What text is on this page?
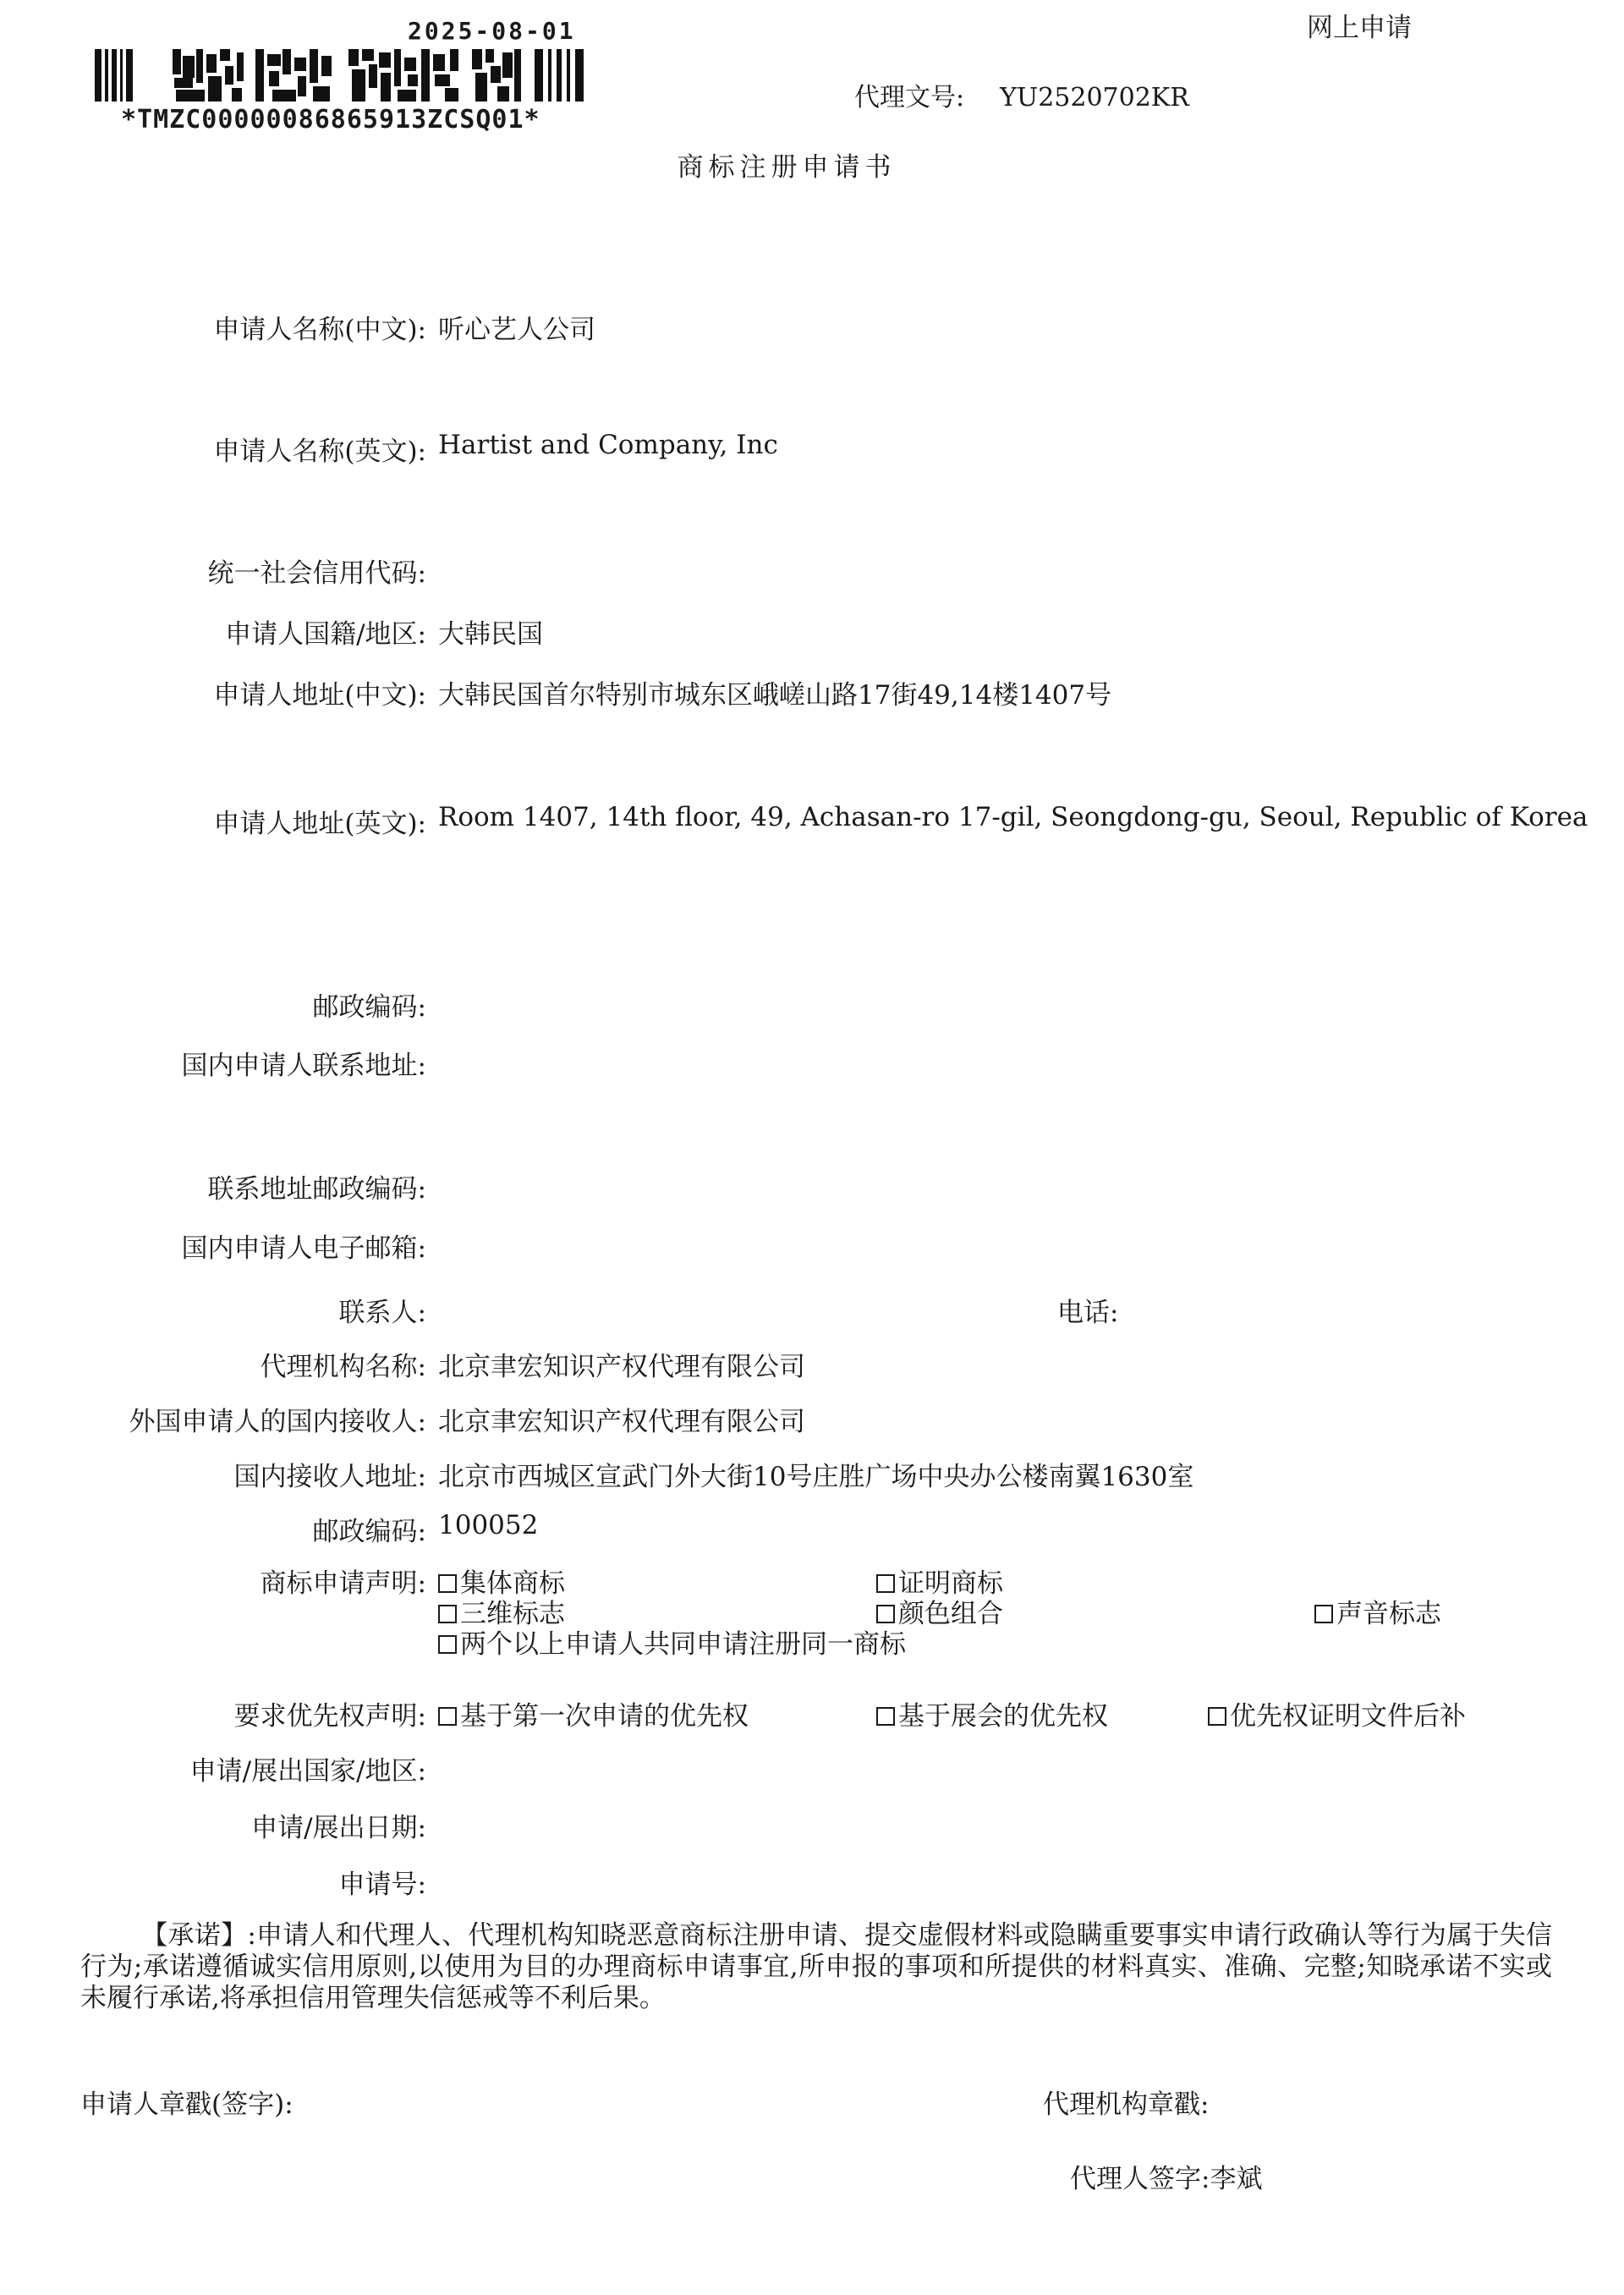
2025-08-01
*TMZC00000086865913ZCSQ01*
网上申请
代理文号: YU2520702KR
商标注册申请书
申请人名称(中文): 听心艺人公司
申请人名称(英文): Hartist and Company, Inc
统一社会信用代码:
申请人国籍/地区: 大韩民国
申请人地址(中文): 大韩民国首尔特别市城东区峨嵯山路17街49,14楼1407号
申请人地址(英文): Room 1407, 14th floor, 49, Achasan-ro 17-gil, Seongdong-gu, Seoul, Republic of Korea
邮政编码:
国内申请人联系地址:
联系地址邮政编码:
国内申请人电子邮箱:
联系人:	电话:
代理机构名称: 北京聿宏知识产权代理有限公司
外国申请人的国内接收人: 北京聿宏知识产权代理有限公司
国内接收人地址: 北京市西城区宣武门外大街10号庄胜广场中央办公楼南翼1630室
邮政编码: 100052
商标申请声明:	集体商标	证明商标
三维标志	颜色组合	声音标志
两个以上申请人共同申请注册同一商标
要求优先权声明:	基于第一次申请的优先权	基于展会的优先权	优先权证明文件后补
申请/展出国家/地区:
申请/展出日期:
申请号:
【承诺】:申请人和代理人、代理机构知晓恶意商标注册申请、提交虚假材料或隐瞒重要事实申请行政确认等行为属于失信行为;承诺遵循诚实信用原则,以使用为目的办理商标申请事宜,所申报的事项和所提供的材料真实、准确、完整;知晓承诺不实或未履行承诺,将承担信用管理失信惩戒等不利后果。
申请人章戳(签字):	代理机构章戳:
代理人签字:李斌
